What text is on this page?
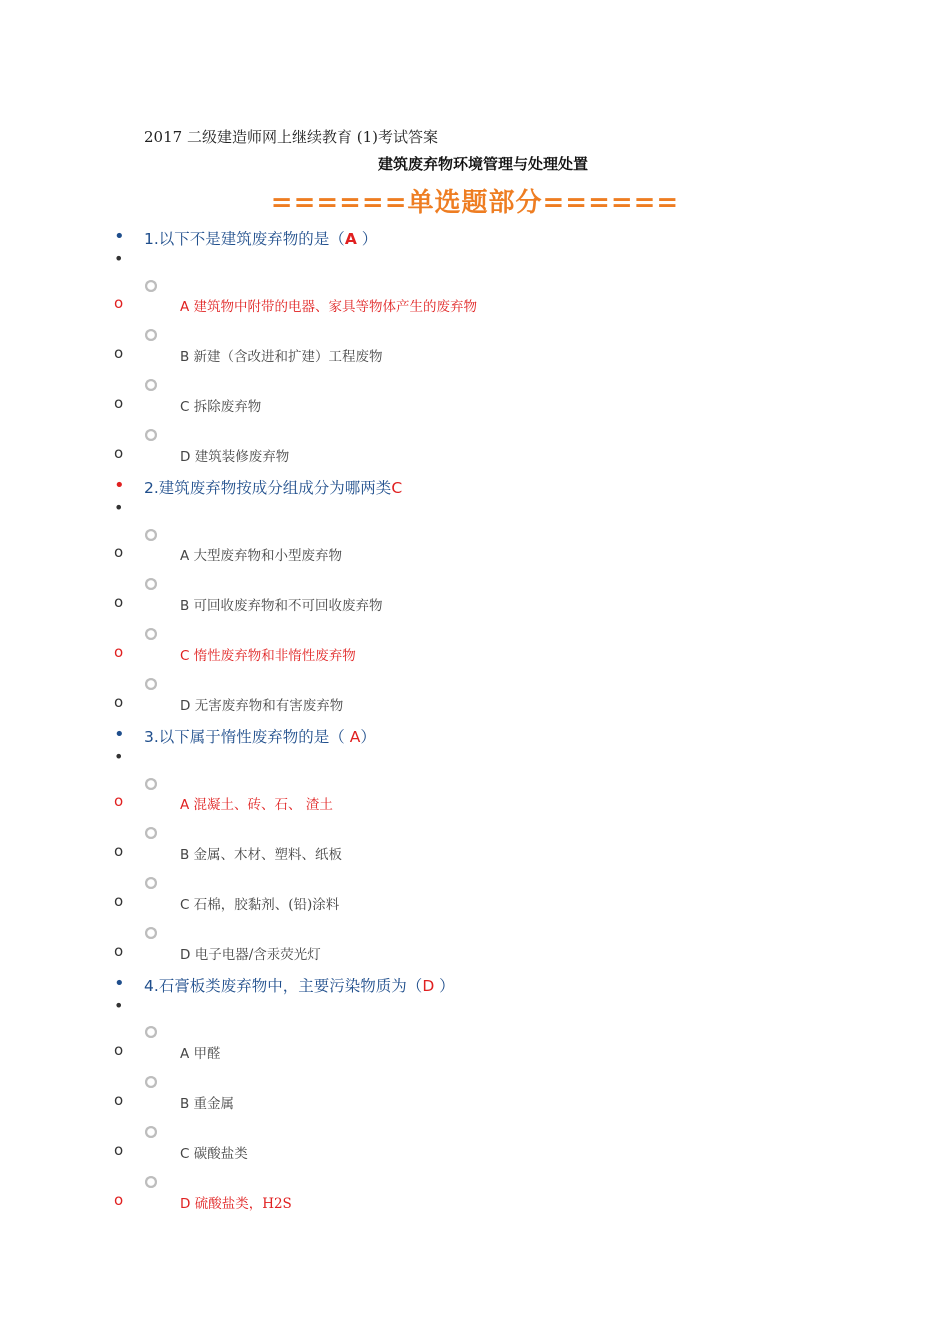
2017 二级建造师网上继续教育 (1)考试答案
建筑废弃物环境管理与处理处置
======单选题部分======
• 1.以下不是建筑废弃物的是（A ）
•
o	A 建筑物中附带的电器、家具等物体产生的废弃物
o	B 新建（含改进和扩建）工程废物
o	C 拆除废弃物
o	D 建筑装修废弃物
• 2.建筑废弃物按成分组成分为哪两类C
•
o	A 大型废弃物和小型废弃物
o	B 可回收废弃物和不可回收废弃物
o	C 惰性废弃物和非惰性废弃物
o	D 无害废弃物和有害废弃物
• 3.以下属于惰性废弃物的是（ A）
•
o	A 混凝土、砖、石、 渣土
o	B 金属、木材、塑料、纸板
o	C 石棉，胶黏剂、(铅)涂料
o	D 电子电器/含汞荧光灯
• 4.石膏板类废弃物中，主要污染物质为（D ）
•
o	A 甲醛
o	B 重金属
o	C 碳酸盐类
o	D 硫酸盐类，H2S
